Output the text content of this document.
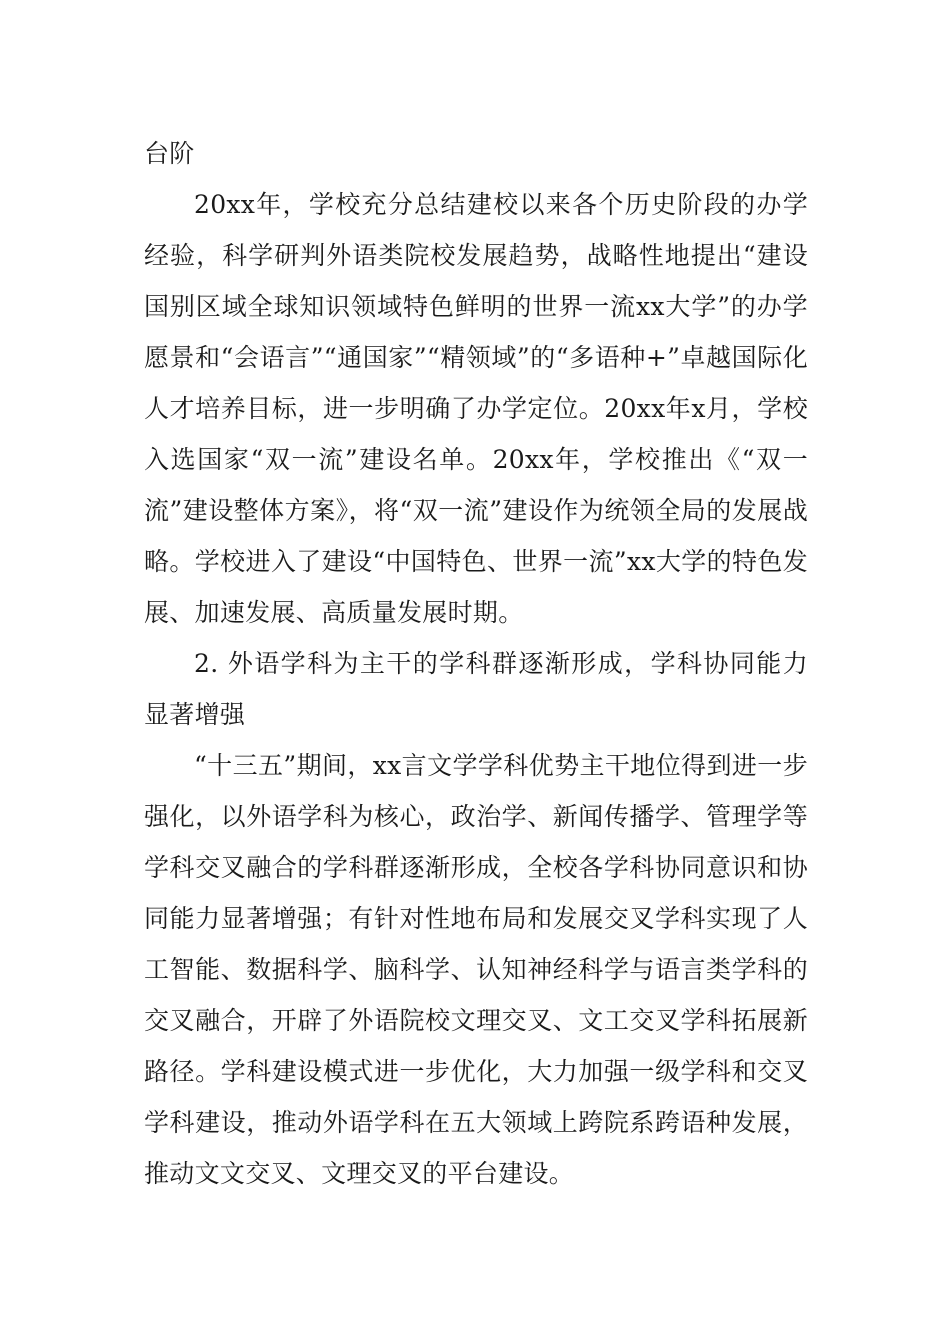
台阶

20xx年，学校充分总结建校以来各个历史阶段的办学经验，科学研判外语类院校发展趋势，战略性地提出“建设国别区域全球知识领域特色鲜明的世界一流xx大学”的办学愿景和“会语言”“通国家”“精领域”的“多语种+”卓越国际化人才培养目标，进一步明确了办学定位。20xx年x月，学校入选国家“双一流”建设名单。20xx年，学校推出《“双一流”建设整体方案》，将“双一流”建设作为统领全局的发展战略。学校进入了建设“中国特色、世界一流”xx大学的特色发展、加速发展、高质量发展时期。

2. 外语学科为主干的学科群逐渐形成，学科协同能力显著增强

“十三五”期间，xx言文学学科优势主干地位得到进一步强化，以外语学科为核心，政治学、新闻传播学、管理学等学科交叉融合的学科群逐渐形成，全校各学科协同意识和协同能力显著增强；有针对性地布局和发展交叉学科实现了人工智能、数据科学、脑科学、认知神经科学与语言类学科的交叉融合，开辟了外语院校文理交叉、文工交叉学科拓展新路径。学科建设模式进一步优化，大力加强一级学科和交叉学科建设，推动外语学科在五大领域上跨院系跨语种发展，推动文文交叉、文理交叉的平台建设。
